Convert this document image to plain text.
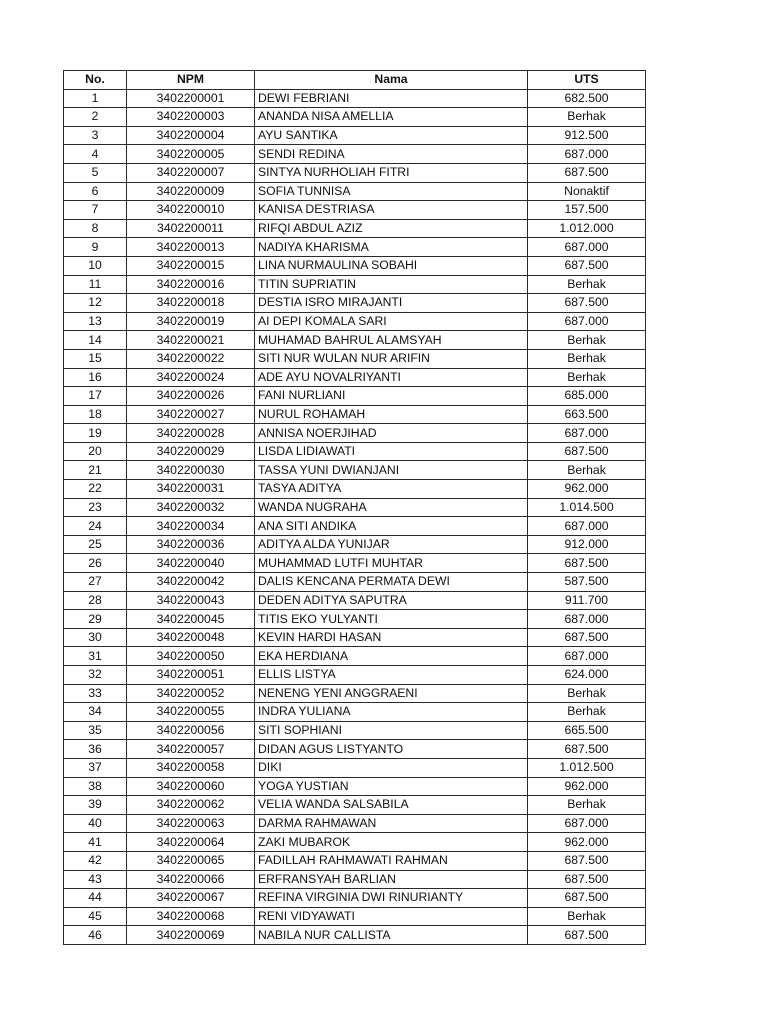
No.	NPM	Nama	UTS
1	3402200001	DEWI FEBRIANI	682.500
2	3402200003	ANANDA NISA AMELLIA	Berhak
3	3402200004	AYU SANTIKA	912.500
4	3402200005	SENDI REDINA	687.000
5	3402200007	SINTYA NURHOLIAH FITRI	687.500
6	3402200009	SOFIA TUNNISA	Nonaktif
7	3402200010	KANISA DESTRIASA	157.500
8	3402200011	RIFQI ABDUL AZIZ	1.012.000
9	3402200013	NADIYA KHARISMA	687.000
10	3402200015	LINA NURMAULINA SOBAHI	687.500
11	3402200016	TITIN SUPRIATIN	Berhak
12	3402200018	DESTIA ISRO MIRAJANTI	687.500
13	3402200019	AI DEPI KOMALA SARI	687.000
14	3402200021	MUHAMAD BAHRUL ALAMSYAH	Berhak
15	3402200022	SITI NUR WULAN NUR ARIFIN	Berhak
16	3402200024	ADE AYU NOVALRIYANTI	Berhak
17	3402200026	FANI NURLIANI	685.000
18	3402200027	NURUL ROHAMAH	663.500
19	3402200028	ANNISA NOERJIHAD	687.000
20	3402200029	LISDA LIDIAWATI	687.500
21	3402200030	TASSA YUNI DWIANJANI	Berhak
22	3402200031	TASYA ADITYA	962.000
23	3402200032	WANDA NUGRAHA	1.014.500
24	3402200034	ANA SITI ANDIKA	687.000
25	3402200036	ADITYA ALDA YUNIJAR	912.000
26	3402200040	MUHAMMAD LUTFI MUHTAR	687.500
27	3402200042	DALIS KENCANA PERMATA DEWI	587.500
28	3402200043	DEDEN ADITYA SAPUTRA	911.700
29	3402200045	TITIS EKO YULYANTI	687.000
30	3402200048	KEVIN HARDI HASAN	687.500
31	3402200050	EKA HERDIANA	687.000
32	3402200051	ELLIS LISTYA	624.000
33	3402200052	NENENG YENI ANGGRAENI	Berhak
34	3402200055	INDRA YULIANA	Berhak
35	3402200056	SITI SOPHIANI	665.500
36	3402200057	DIDAN AGUS LISTYANTO	687.500
37	3402200058	DIKI	1.012.500
38	3402200060	YOGA YUSTIAN	962.000
39	3402200062	VELIA WANDA SALSABILA	Berhak
40	3402200063	DARMA RAHMAWAN	687.000
41	3402200064	ZAKI MUBAROK	962.000
42	3402200065	FADILLAH RAHMAWATI RAHMAN	687.500
43	3402200066	ERFRANSYAH BARLIAN	687.500
44	3402200067	REFINA VIRGINIA DWI RINURIANTY	687.500
45	3402200068	RENI VIDYAWATI	Berhak
46	3402200069	NABILA NUR CALLISTA	687.500
